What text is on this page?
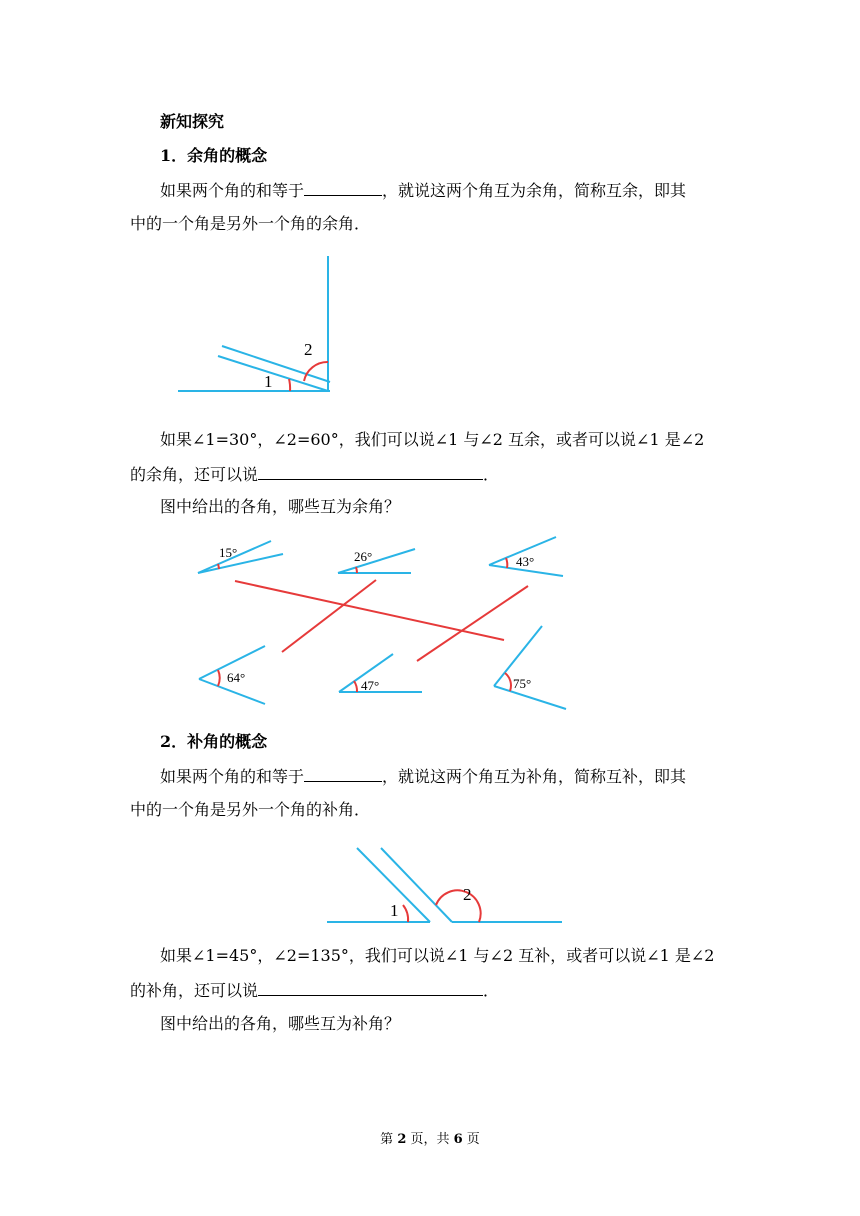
新知探究
1．余角的概念
如果两个角的和等于	，就说这两个角互为余角，简称互余，即其
中的一个角是另外一个角的余角．
1
2
如果∠1=30°，∠2=60°，我们可以说∠1 与∠2 互余，或者可以说∠1 是∠2
的余角，还可以说	．
图中给出的各角，哪些互为余角？
15°	26°	43°
64°
47°	75°
2．补角的概念
如果两个角的和等于	，就说这两个角互为补角，简称互补，即其
中的一个角是另外一个角的补角．
1
2
如果∠1=45°，∠2=135°，我们可以说∠1 与∠2 互补，或者可以说∠1 是∠2
的补角，还可以说	．
图中给出的各角，哪些互为补角？
第 2 页，共 6 页
